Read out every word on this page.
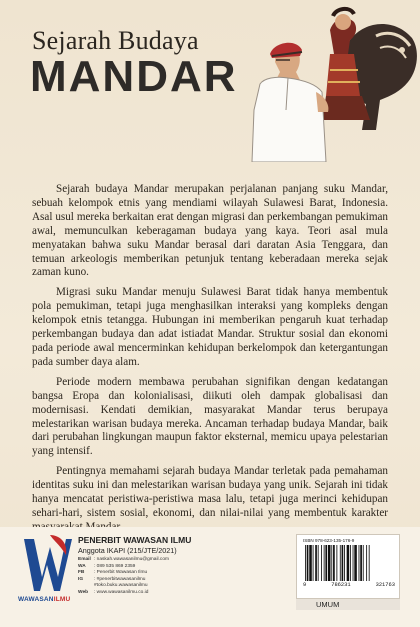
Sejarah Budaya
MANDAR

Sejarah budaya Mandar merupakan perjalanan panjang suku Mandar, sebuah kelompok etnis yang mendiami wilayah Sulawesi Barat, Indonesia. Asal usul mereka berkaitan erat dengan migrasi dan perkembangan pemukiman awal, memunculkan keberagaman budaya yang kaya. Teori asal mula menyatakan bahwa suku Mandar berasal dari daratan Asia Tenggara, dan temuan arkeologis memberikan petunjuk tentang keberadaan mereka sejak zaman kuno.

Migrasi suku Mandar menuju Sulawesi Barat tidak hanya membentuk pola pemukiman, tetapi juga menghasilkan interaksi yang kompleks dengan kelompok etnis tetangga. Hubungan ini memberikan pengaruh kuat terhadap perkembangan budaya dan adat istiadat Mandar. Struktur sosial dan ekonomi pada periode awal mencerminkan kehidupan berkelompok dan ketergantungan pada sumber daya alam.

Periode modern membawa perubahan signifikan dengan kedatangan bangsa Eropa dan kolonialisasi, diikuti oleh dampak globalisasi dan modernisasi. Kendati demikian, masyarakat Mandar terus berupaya melestarikan warisan budaya mereka. Ancaman terhadap budaya Mandar, baik dari perubahan lingkungan maupun faktor eksternal, memicu upaya pelestarian yang intensif.

Pentingnya memahami sejarah budaya Mandar terletak pada pemahaman identitas suku ini dan melestarikan warisan budaya yang unik. Sejarah ini tidak hanya mencatat peristiwa-peristiwa masa lalu, tetapi juga merinci kehidupan sehari-hari, sistem sosial, ekonomi, dan nilai-nilai yang membentuk karakter

WAWASANILMU
PENERBIT WAWASAN ILMU
Anggota IKAPI (215/JTE/2021)
Email : naskah.wawasanilmu@gmail.com
WA	: 089 535 869 2359
FB	: Penerbit Wawasan Ilmu
IG	: #penerbitwawasanilmu
#toko.buku.wawasanilmu
Web	: www.wawasanilmu.co.id
ISBN 978-623-135-176-9
9	786231	321763
UMUM
